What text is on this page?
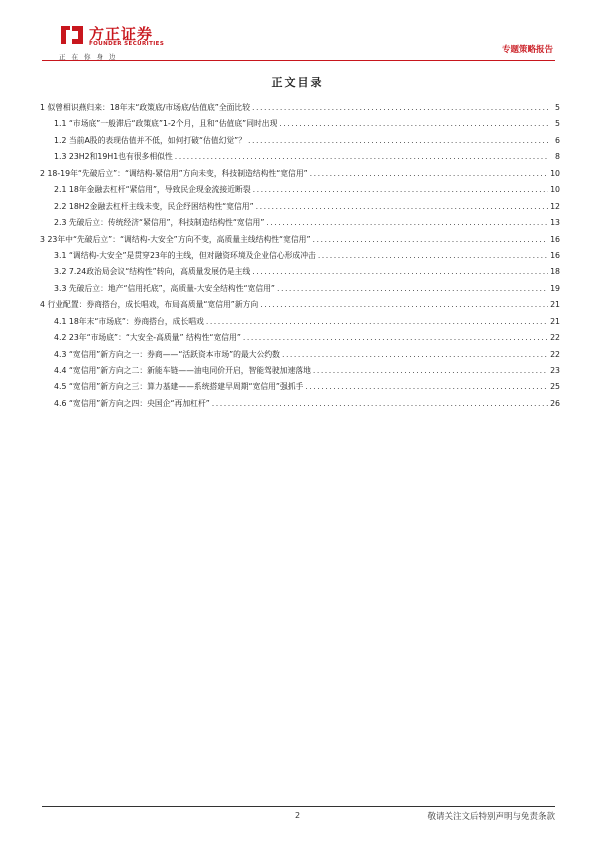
方正证券
FOUNDER SECURITIES
正在你身边
专题策略报告
正文目录
1 似曾相识燕归来：18年末“政策底/市场底/估值底”全面比较 .....	5
1.1 “市场底”一般滞后“政策底”1-2个月，且和“估值底”同时出现 .....	5
1.2 当前A股的表现估值并不低，如何打破“估值幻觉”？ .....	6
1.3 23H2和19H1也有很多相似性 .....	8
2 18-19年“先破后立”：“调结构-紧信用”方向未变，科技制造结构性“宽信用” .....	10
2.1 18年金融去杠杆“紧信用”，导致民企现金流接近断裂 .....	10
2.2 18H2金融去杠杆主线未变，民企纾困结构性“宽信用” .....	12
2.3 先破后立：传统经济“紧信用”，科技制造结构性“宽信用” .....	13
3 23年中“先破后立”：“调结构-大安全”方向不变，高质量主线结构性“宽信用” .....	16
3.1 “调结构-大安全”是贯穿23年的主线，但对融资环境及企业信心形成冲击 .....	16
3.2 7.24政治局会议“结构性”转向，高质量发展仍是主线 .....	18
3.3 先破后立：地产“信用托底”，高质量-大安全结构性“宽信用” .....	19
4 行业配置：券商搭台，成长唱戏，布局高质量“宽信用”新方向 .....	21
4.1 18年末“市场底”：券商搭台，成长唱戏 .....	21
4.2 23年“市场底”：“大安全-高质量” 结构性“宽信用” .....	22
4.3 “宽信用”新方向之一：券商——“活跃资本市场”的最大公约数 .....	22
4.4 “宽信用”新方向之二：新能车链——油电同价开启，智能驾驶加速落地 .....	23
4.5 “宽信用”新方向之三：算力基建——系统搭建早周期“宽信用”强抓手 .....	25
4.6 “宽信用”新方向之四：央国企“再加杠杆” .....	26
2	敬请关注文后特别声明与免责条款
